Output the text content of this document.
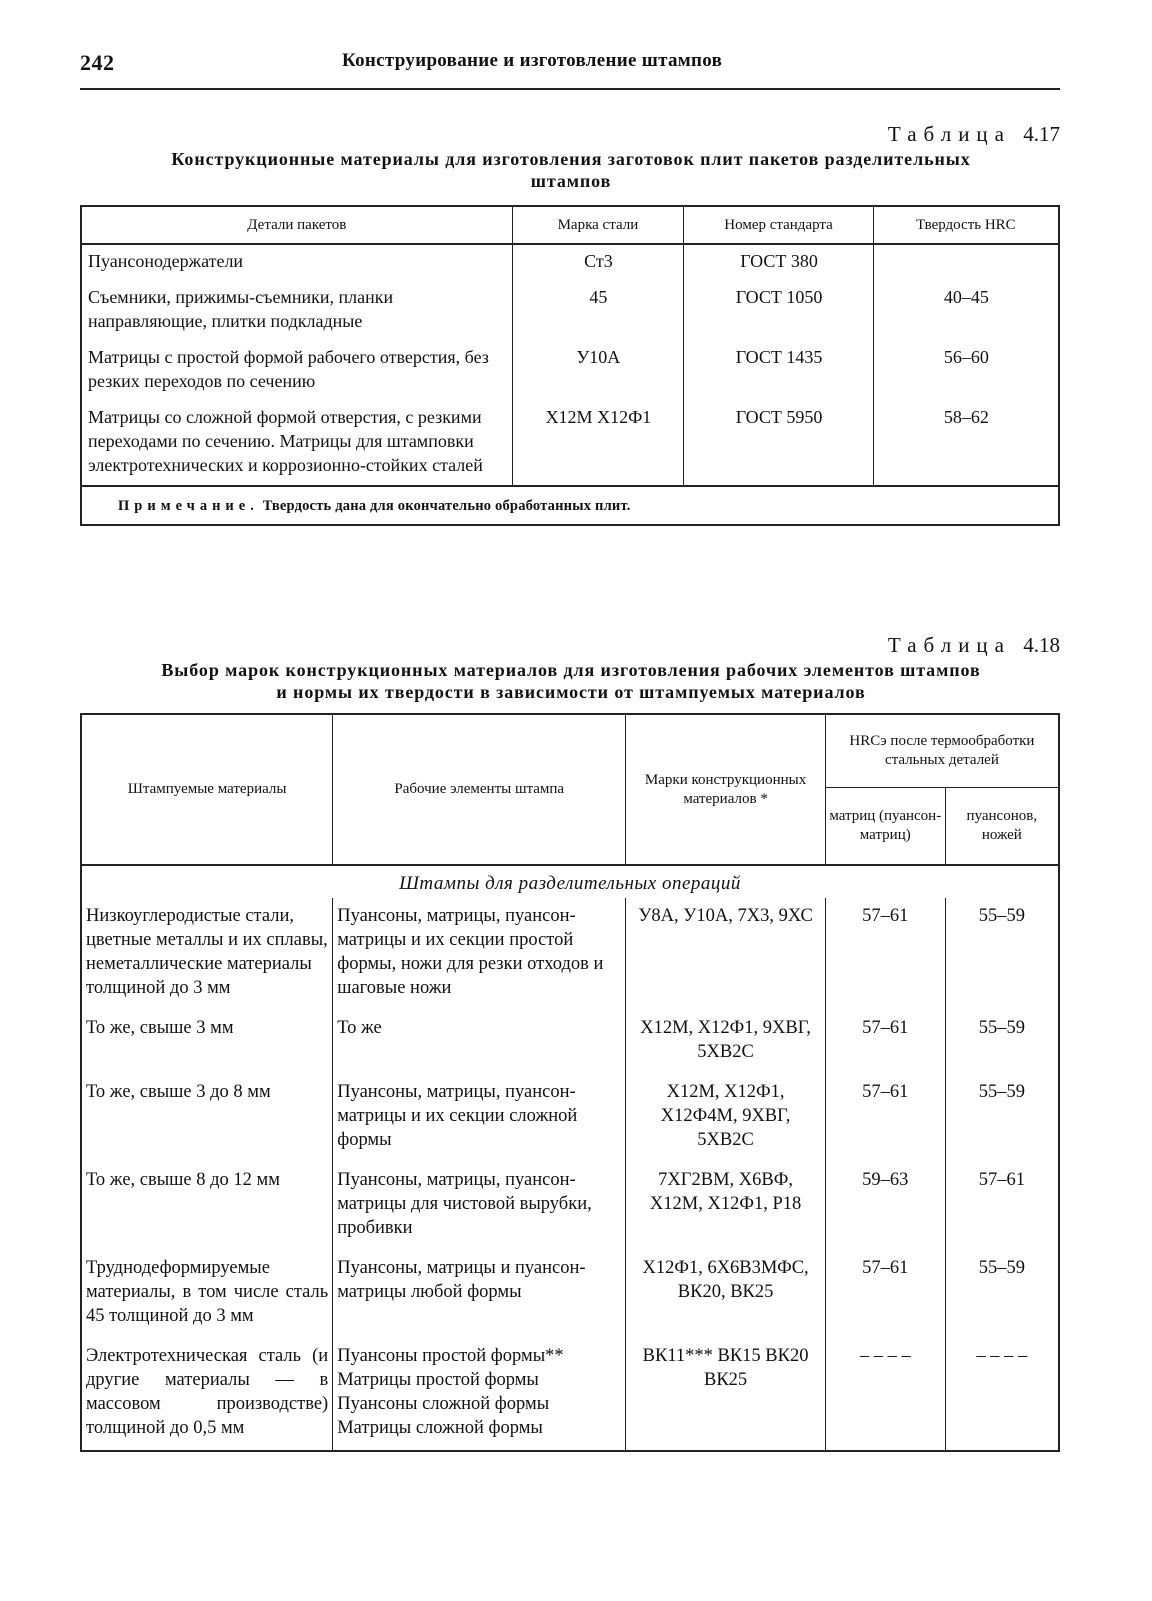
242	Конструирование и изготовление штампов
Таблица 4.17
Конструкционные материалы для изготовления заготовок плит пакетов разделительных
штампов
Детали пакетов	Марка стали	Номер стандарта	Твердость HRC
Пуансонодержатели	Ст3	ГОСТ 380	
Съемники, прижимы-съемники, планки направляющие, плитки подкладные	45	ГОСТ 1050	40–45
Матрицы с простой формой рабочего отверстия, без резких переходов по сечению	У10А	ГОСТ 1435	56–60
Матрицы со сложной формой отверстия, с резкими переходами по сечению. Матрицы для штамповки электротехнических и коррозионно-стойких сталей	Х12М Х12Ф1	ГОСТ 5950	58–62
Примечание. Твердость дана для окончательно обработанных плит.			
Таблица 4.18
Выбор марок конструкционных материалов для изготовления рабочих элементов штампов
и нормы их твердости в зависимости от штампуемых материалов
Штампуемые материалы	Рабочие элементы штампа	Марки конструкционных материалов *	HRCэ после термообработки стальных деталей	
			матриц (пуансон-матриц)	пуансонов, ножей
Штампы для разделительных операций				
Низкоуглеродистые стали, цветные металлы и их сплавы, неметаллические материалы толщиной до 3 мм	Пуансоны, матрицы, пуансон-матрицы и их секции простой формы, ножи для резки отходов и шаговые ножи	У8А, У10А, 7Х3, 9ХС	57–61	55–59
То же, свыше 3 мм	То же	Х12М, Х12Ф1, 9ХВГ, 5ХВ2С	57–61	55–59
То же, свыше 3 до 8 мм	Пуансоны, матрицы, пуансон-матрицы и их секции сложной формы	Х12М, Х12Ф1, Х12Ф4М, 9ХВГ, 5ХВ2С	57–61	55–59
То же, свыше 8 до 12 мм	Пуансоны, матрицы, пуансон-матрицы для чистовой вырубки, пробивки	7ХГ2ВМ, Х6ВФ, Х12М, Х12Ф1, Р18	59–63	57–61
Труднодеформируемые материалы, в том числе сталь 45 толщиной до 3 мм	Пуансоны, матрицы и пуансон-матрицы любой формы	Х12Ф1, 6Х6В3МФС, ВК20, ВК25	57–61	55–59
Электротехническая сталь (и другие материалы — в массовом производстве) толщиной до 0,5 мм	Пуансоны простой формы** Матрицы простой формы Пуансоны сложной формы Матрицы сложной формы	ВК11*** ВК15 ВК20 ВК25	– – – –	– – – –
